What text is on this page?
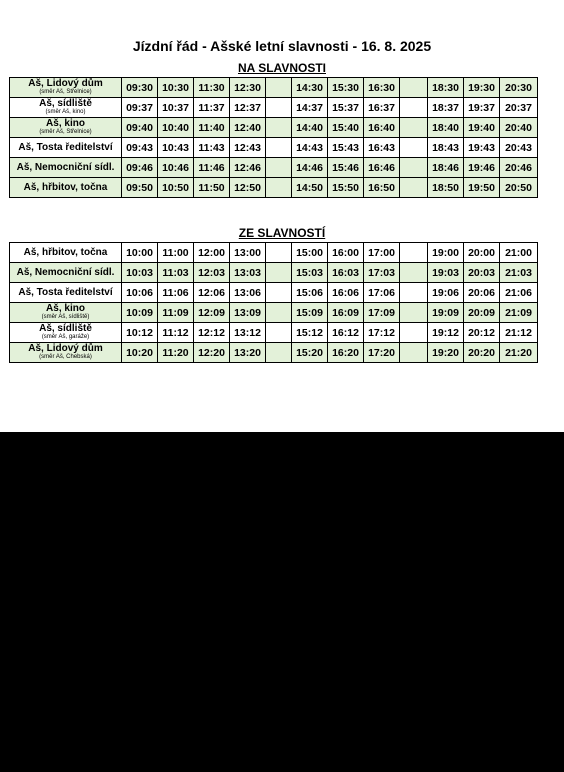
Jízdní řád - Ašské letní slavnosti - 16. 8. 2025
NA SLAVNOSTI
Aš, Lidový dům
(směr Aš, Střelnice)	09:30	10:30	11:30	12:30		14:30	15:30	16:30		18:30	19:30	20:30

Aš, sídliště
(směr Aš, kino)	09:37	10:37	11:37	12:37		14:37	15:37	16:37		18:37	19:37	20:37

Aš, kino
(směr Aš, Střelnice)	09:40	10:40	11:40	12:40		14:40	15:40	16:40		18:40	19:40	20:40

Aš, Tosta ředitelství	09:43	10:43	11:43	12:43		14:43	15:43	16:43		18:43	19:43	20:43

Aš, Nemocniční sídl.	09:46	10:46	11:46	12:46		14:46	15:46	16:46		18:46	19:46	20:46

Aš, hřbitov, točna	09:50	10:50	11:50	12:50		14:50	15:50	16:50		18:50	19:50	20:50
ZE SLAVNOSTÍ
Aš, hřbitov, točna	10:00	11:00	12:00	13:00		15:00	16:00	17:00		19:00	20:00	21:00

Aš, Nemocniční sídl.	10:03	11:03	12:03	13:03		15:03	16:03	17:03		19:03	20:03	21:03

Aš, Tosta ředitelství	10:06	11:06	12:06	13:06		15:06	16:06	17:06		19:06	20:06	21:06

Aš, kino
(směr Aš, sídliště)	10:09	11:09	12:09	13:09		15:09	16:09	17:09		19:09	20:09	21:09

Aš, sídliště
(směr Aš, garáže)	10:12	11:12	12:12	13:12		15:12	16:12	17:12		19:12	20:12	21:12

Aš, Lidový dům
(směr Aš, Chebská)	10:20	11:20	12:20	13:20		15:20	16:20	17:20		19:20	20:20	21:20
